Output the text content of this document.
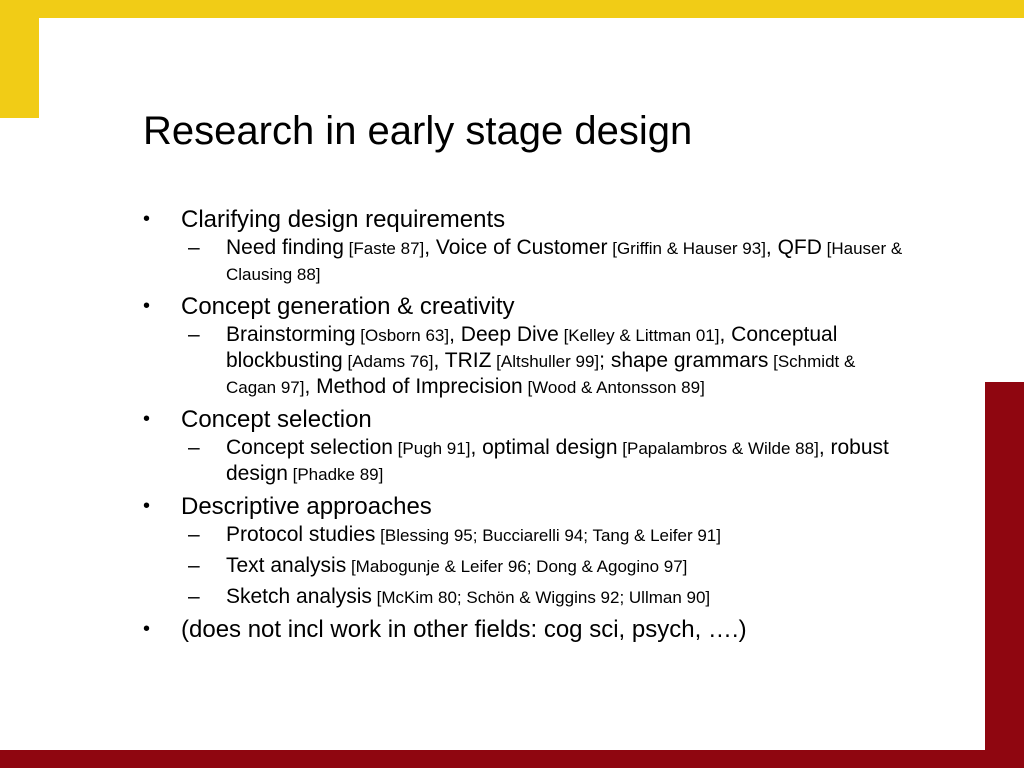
Research in early stage design
• Clarifying design requirements
– Need finding [Faste 87], Voice of Customer [Griffin & Hauser 93], QFD [Hauser & Clausing 88]
• Concept generation & creativity
– Brainstorming [Osborn 63], Deep Dive [Kelley & Littman 01], Conceptual blockbusting [Adams 76], TRIZ [Altshuller 99]; shape grammars [Schmidt & Cagan 97], Method of Imprecision [Wood & Antonsson 89]
• Concept selection
– Concept selection [Pugh 91], optimal design [Papalambros & Wilde 88], robust design [Phadke 89]
• Descriptive approaches
– Protocol studies [Blessing 95; Bucciarelli 94; Tang & Leifer 91]
– Text analysis [Mabogunje & Leifer 96; Dong & Agogino 97]
– Sketch analysis [McKim 80; Schön & Wiggins 92; Ullman 90]
• (does not incl work in other fields: cog sci, psych, ….)
